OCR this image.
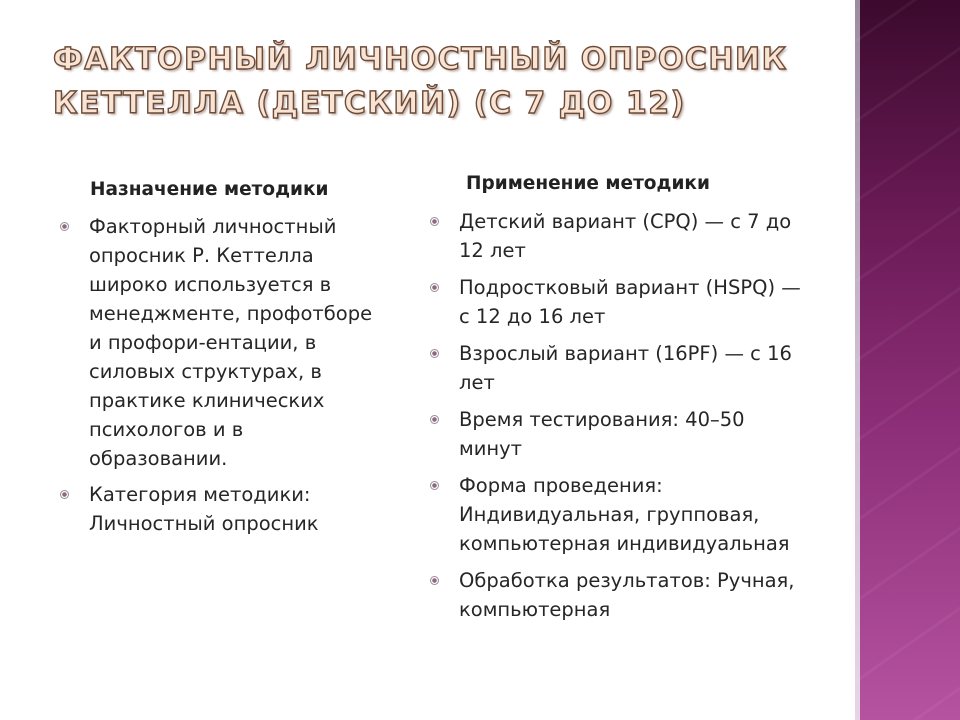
ФАКТОРНЫЙ ЛИЧНОСТНЫЙ ОПРОСНИК
КЕТТЕЛЛА (ДЕТСКИЙ) (С 7 ДО 12)
Назначение методики
Факторный личностный
опросник Р. Кеттелла
широко используется в
менеджменте, профотборе
и профори-ентации, в
силовых структурах, в
практике клинических
психологов и в
образовании.
Категория методики:
Личностный опросник
Применение методики
Детский вариант (CPQ) — с 7 до
12 лет
Подростковый вариант (HSPQ) —
с 12 до 16 лет
Взрослый вариант (16PF) — с 16
лет
Время тестирования: 40–50
минут
Форма проведения:
Индивидуальная, групповая,
компьютерная индивидуальная
Обработка результатов: Ручная,
компьютерная
